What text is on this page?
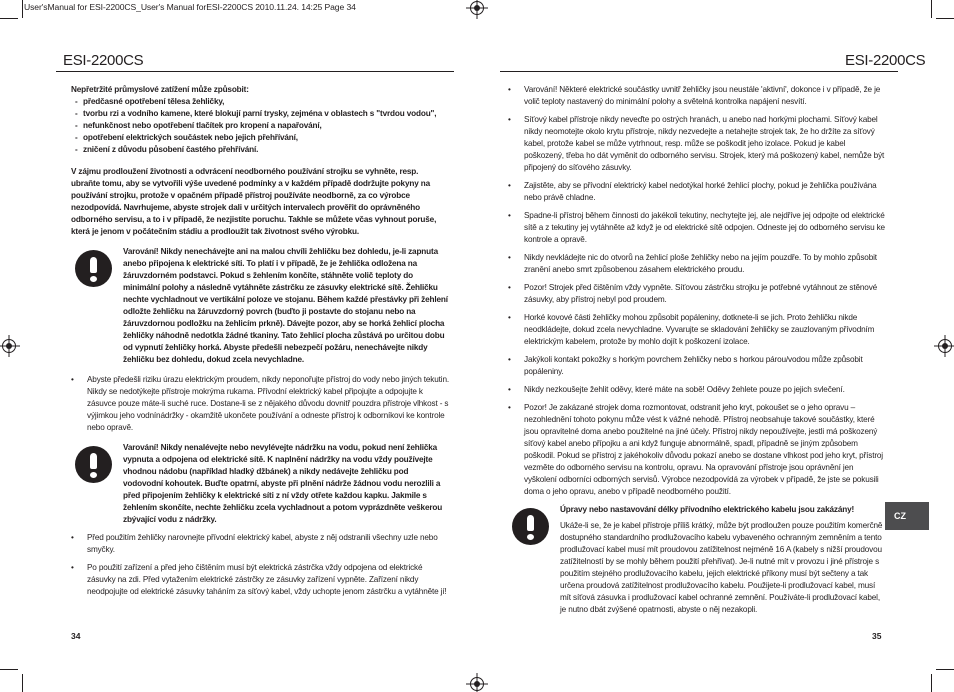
User'sManual for ESI-2200CS_User's Manual forESI-2200CS 2010.11.24. 14:25 Page 34
ESI-2200CS

Nepřetržité průmyslové zatížení může způsobit:

- předčasné opotřebení tělesa žehličky,
- tvorbu rzi a vodního kamene, které blokují parní trysky, zejména v oblastech s "tvrdou vodou",
- nefunkčnost nebo opotřebení tlačítek pro kropení a napařování,
- opotřebení elektrických součástek nebo jejich přehřívání,
- zničení z důvodu působení častého přehřívání.

V zájmu prodloužení životnosti a odvrácení neodborného používání strojku se vyhněte, resp. ubraňte tomu, aby se vytvořili výše uvedené podmínky a v každém případě dodržujte pokyny na používání strojku, protože v opačném případě přístroj používáte neodborně, za co výrobce nezodpovídá. Navrhujeme, abyste strojek dali v určitých intervalech prověřit do oprávněného odborného servisu, a to i v případě, že nezjistíte poruchu. Takhle se můžete včas vyhnout poruše, která je jenom v počátečním stádiu a prodloužit tak životnost svého výrobku.

Varování! Nikdy nenechávejte ani na malou chvíli žehličku bez dohledu, je-li zapnuta anebo připojena k elektrické síti. To platí i v případě, že je žehlička odložena na žáruvzdorném podstavci. Pokud s žehlením končíte, stáhněte volič teploty do minimální polohy a následně vytáhněte zástrčku ze zásuvky elektrické sítě. Žehličku nechte vychladnout ve vertikální poloze ve stojanu. Během každé přestávky při žehlení odložte žehličku na žáruvzdorný povrch (buďto ji postavte do stojanu nebo na žáruvzdornou podložku na žehlicím prkně). Dávejte pozor, aby se horká žehlicí plocha žehličky náhodně nedotkla žádné tkaniny. Tato žehlicí plocha zůstává po určitou dobu od vypnutí žehličky horká. Abyste předešli nebezpečí požáru, nenechávejte nikdy žehličku bez dohledu, dokud zcela nevychladne.

• Abyste předešli riziku úrazu elektrickým proudem, nikdy neponořujte přístroj do vody nebo jiných tekutin. Nikdy se nedotýkejte přístroje mokrýma rukama. Přívodní elektrický kabel připojujte a odpojujte k zásuvce pouze máte-li suché ruce. Dostane-li se z nějakého důvodu dovnitř pouzdra přístroje vlhkost - s výjimkou jeho vodnínádržky - okamžitě ukončete používání a odneste přístroj k odborníkovi ke kontrole nebo opravě.

Varování! Nikdy nenalévejte nebo nevylévejte nádržku na vodu, pokud není žehlička vypnuta a odpojena od elektrické sítě. K naplnění nádržky na vodu vždy používejte vhodnou nádobu (například hladký džbánek) a nikdy nedávejte žehličku pod vodovodní kohoutek. Buďte opatrní, abyste při plnění nádrže žádnou vodu nerozlili a před připojením žehličky k elektrické síti z ní vždy otřete každou kapku. Jakmile s žehlením skončíte, nechte žehličku zcela vychladnout a potom vyprázdněte veškerou zbývající vodu z nádržky.

• Před použitím žehličky narovnejte přívodní elektrický kabel, abyste z něj odstranili všechny uzle nebo smyčky.

• Po použití zařízení a před jeho čištěním musí být elektrická zástrčka vždy odpojena od elektrické zásuvky na zdi. Před vytažením elektrické zástrčky ze zásuvky zařízení vypněte. Zařízení nikdy neodpojujte od elektrické zásuvky taháním za síťový kabel, vždy uchopte jenom zástrčku a vytáhněte jí!

34
ESI-2200CS

• Varování! Některé elektrické součástky uvnitř žehličky jsou neustále 'aktivní', dokonce i v případě, že je volič teploty nastavený do minimální polohy a světelná kontrolka napájení nesvítí.

• Síťový kabel přístroje nikdy neveďte po ostrých hranách, u anebo nad horkými plochami. Síťový kabel nikdy neomotejte okolo krytu přístroje, nikdy nezvedejte a netahejte strojek tak, že ho držíte za síťový kabel, protože kabel se může vytrhnout, resp. může se poškodit jeho izolace. Pokud je kabel poškozený, třeba ho dát vyměnit do odborného servisu. Strojek, který má poškozený kabel, nemůže být připojený do síťového zásuvky.

• Zajistěte, aby se přívodní elektrický kabel nedotýkal horké žehlicí plochy, pokud je žehlička používána nebo právě chladne.

• Spadne-li přístroj během činnosti do jakékoli tekutiny, nechytejte jej, ale nejdříve jej odpojte od elektrické sítě a z tekutiny jej vytáhněte až když je od elektrické sítě odpojen. Odneste jej do odborného servisu ke kontrole a opravě.

• Nikdy nevkládejte nic do otvorů na žehlicí ploše žehličky nebo na jejím pouzdře. To by mohlo způsobit zranění anebo smrt způsobenou zásahem elektrického proudu.

• Pozor! Strojek před čištěním vždy vypněte. Síťovou zástrčku strojku je potřebné vytáhnout ze stěnové zásuvky, aby přístroj nebyl pod proudem.

• Horké kovové části žehličky mohou způsobit popáleniny, dotknete-li se jich. Proto žehličku nikde neodkládejte, dokud zcela nevychladne. Vyvarujte se skladování žehličky se zauzlovaným přívodním elektrickým kabelem, protože by mohlo dojít k poškození izolace.

• Jakýkoli kontakt pokožky s horkým povrchem žehličky nebo s horkou párou/vodou může způsobit popáleniny.

• Nikdy nezkoušejte žehlit oděvy, které máte na sobě! Oděvy žehlete pouze po jejich svlečení.

• Pozor! Je zakázané strojek doma rozmontovat, odstranit jeho kryt, pokoušet se o jeho opravu – nezohlednění tohoto pokynu může vést k vážné nehodě. Přístroj neobsahuje takové součástky, které jsou opravitelné doma anebo použitelné na jiné účely. Přístroj nikdy nepoužívejte, jestli má poškozený síťový kabel anebo přípojku a ani když funguje abnormálně, spadl, případně se jiným způsobem poškodil. Pokud se přístroj z jakéhokoliv důvodu pokazí anebo se dostane vlhkost pod jeho kryt, přístroj vezměte do odborného servisu na kontrolu, opravu. Na opravování přístroje jsou oprávnění jen vyškolení odborníci odborných servisů. Výrobce nezodpovídá za výrobek v případě, že jste se pokusili doma o jeho opravu, anebo v případě neodborného použití.

Úpravy nebo nastavování délky přívodního elektrického kabelu jsou zakázány!

Ukáže-li se, že je kabel přístroje příliš krátký, může být prodloužen pouze použitím komerčně dostupného standardního prodlužovacího kabelu vybaveného ochranným zemněním a tento prodlužovací kabel musí mít proudovou zatížitelnost nejméně 16 A (kabely s nižší proudovou zatížitelností by se mohly během použití přehřívat). Je-li nutné mít v provozu i jiné přístroje s použitím stejného prodlužovacího kabelu, jejich elektrické příkony musí být sečteny a tak určena proudová zatížitelnost prodlužovacího kabelu. Použijete-li prodlužovací kabel, musí mít síťová zásuvka i prodlužovací kabel ochranné zemnění. Používáte-li prodlužovací kabel, je nutno dbát zvýšené opatrnosti, abyste o něj nezakopli.

CZ
35
